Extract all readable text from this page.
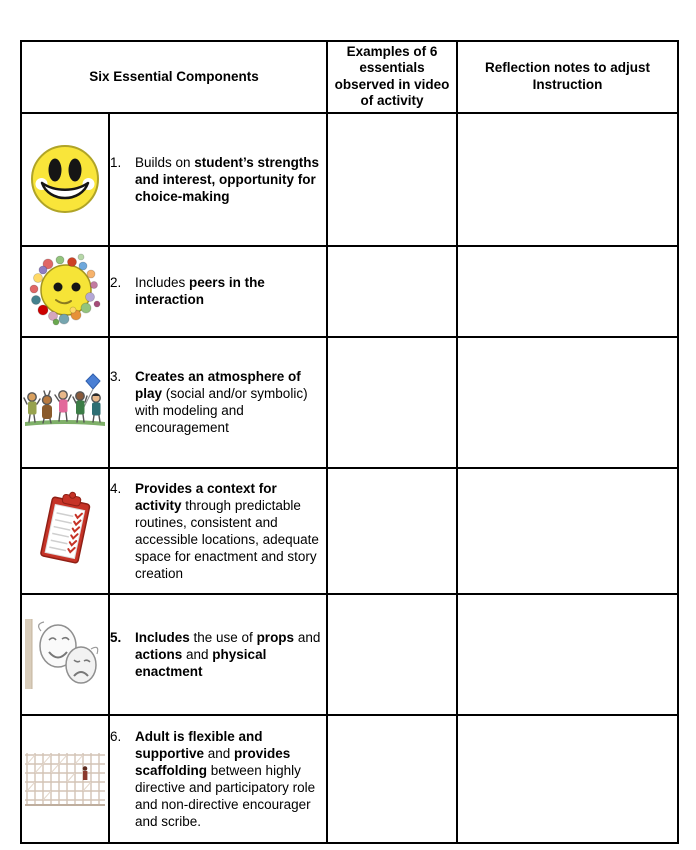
Six Essential Components		Examples of 6 essentials observed in video of activity	Reflection notes to adjust Instruction

1. Builds on student’s strengths and interest, opportunity for choice-making		

2. Includes peers in the interaction		

3. Creates an atmosphere of play (social and/or symbolic) with modeling and encouragement		

4. Provides a context for activity through predictable routines, consistent and accessible locations, adequate space for enactment and story creation		

5. Includes the use of props and actions and physical enactment		

6. Adult is flexible and supportive and provides scaffolding between highly directive and participatory role and non-directive encourager and scribe.		
